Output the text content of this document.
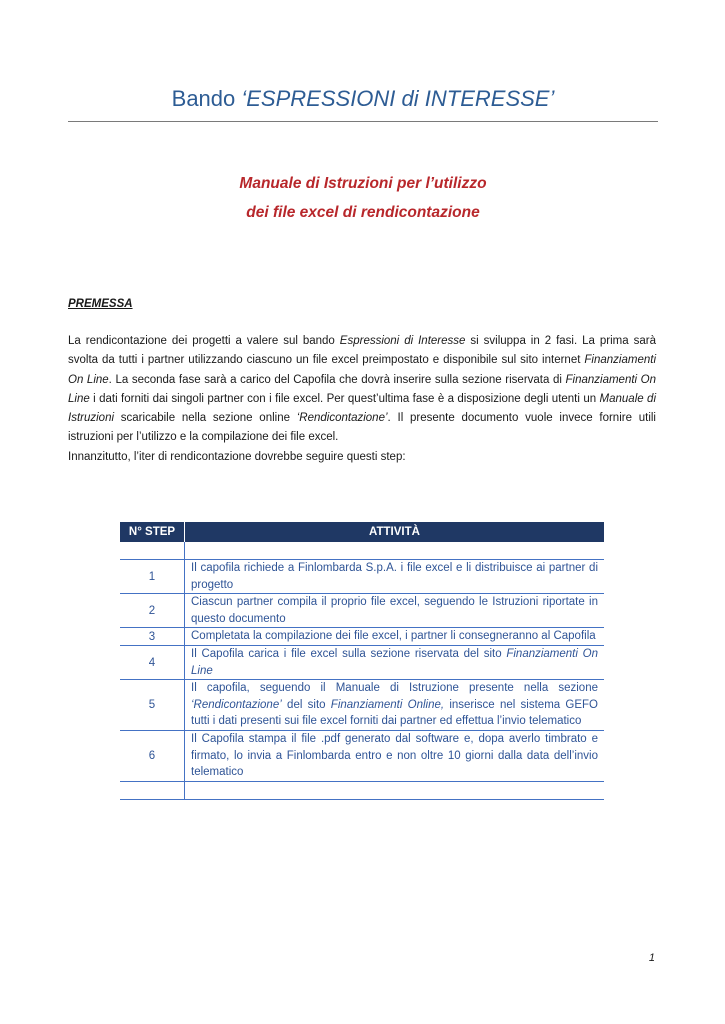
Bando ‘ESPRESSIONI di INTERESSE’
Manuale di Istruzioni per l’utilizzo
dei file excel di rendicontazione
PREMESSA

La rendicontazione dei progetti a valere sul bando Espressioni di Interesse si sviluppa in 2 fasi. La prima sarà svolta da tutti i partner utilizzando ciascuno un file excel preimpostato e disponibile sul sito internet Finanziamenti On Line. La seconda fase sarà a carico del Capofila che dovrà inserire sulla sezione riservata di Finanziamenti On Line i dati forniti dai singoli partner con i file excel. Per quest’ultima fase è a disposizione degli utenti un Manuale di Istruzioni scaricabile nella sezione online ‘Rendicontazione’. Il presente documento vuole invece fornire utili istruzioni per l’utilizzo e la compilazione dei file excel.

Innanzitutto, l’iter di rendicontazione dovrebbe seguire questi step:

N° STEP	ATTIVITÀ

1	Il capofila richiede a Finlombarda S.p.A. i file excel e li distribuisce ai partner di progetto
2	Ciascun partner compila il proprio file excel, seguendo le Istruzioni riportate in questo documento
3	Completata la compilazione dei file excel, i partner li consegneranno al Capofila
4	Il Capofila carica i file excel sulla sezione riservata del sito Finanziamenti On Line
5	Il capofila, seguendo il Manuale di Istruzione presente nella sezione ‘Rendicontazione’ del sito Finanziamenti Online, inserisce nel sistema GEFO tutti i dati presenti sui file excel forniti dai partner ed effettua l’invio telematico
6	Il Capofila stampa il file .pdf generato dal software e, dopa averlo timbrato e firmato, lo invia a Finlombarda entro e non oltre 10 giorni dalla data dell’invio telematico

1
